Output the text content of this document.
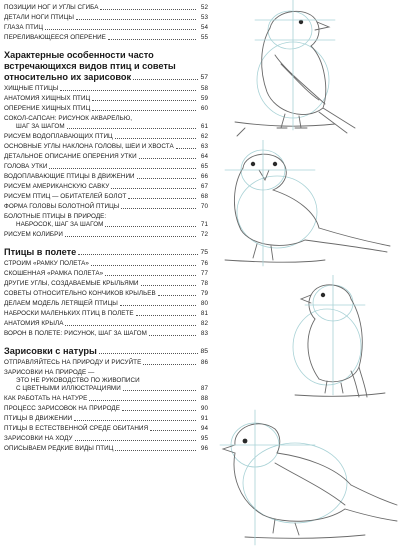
ПОЗИЦИИ НОГ И УГЛЫ СГИБА	52
ДЕТАЛИ НОГИ ПТИЦЫ	53
ГЛАЗА ПТИЦ	54
ПЕРЕЛИВАЮЩЕЕСЯ ОПЕРЕНИЕ	55
Характерные особенности часто
встречающихся видов птиц и советы
относительно их зарисовок	57
ХИЩНЫЕ ПТИЦЫ	58
АНАТОМИЯ ХИЩНЫХ ПТИЦ	59
ОПЕРЕНИЕ ХИЩНЫХ ПТИЦ	60
СОКОЛ-САПСАН: РИСУНОК АКВАРЕЛЬЮ,
ШАГ ЗА ШАГОМ	61
РИСУЕМ ВОДОПЛАВАЮЩИХ ПТИЦ	62
ОСНОВНЫЕ УГЛЫ НАКЛОНА ГОЛОВЫ, ШЕИ И ХВОСТА	63
ДЕТАЛЬНОЕ ОПИСАНИЕ ОПЕРЕНИЯ УТКИ	64
ГОЛОВА УТКИ	65
ВОДОПЛАВАЮЩИЕ ПТИЦЫ В ДВИЖЕНИИ	66
РИСУЕМ АМЕРИКАНСКУЮ САВКУ	67
РИСУЕМ ПТИЦ — ОБИТАТЕЛЕЙ БОЛОТ	68
ФОРМА ГОЛОВЫ БОЛОТНОЙ ПТИЦЫ	70
БОЛОТНЫЕ ПТИЦЫ В ПРИРОДЕ:
НАБРОСОК, ШАГ ЗА ШАГОМ	71
РИСУЕМ КОЛИБРИ	72
Птицы в полете	75
СТРОИМ «РАМКУ ПОЛЕТА»	76
СКОШЕННАЯ «РАМКА ПОЛЕТА»	77
ДРУГИЕ УГЛЫ, СОЗДАВАЕМЫЕ КРЫЛЬЯМИ	78
СОВЕТЫ ОТНОСИТЕЛЬНО КОНЧИКОВ КРЫЛЬЕВ	79
ДЕЛАЕМ МОДЕЛЬ ЛЕТЯЩЕЙ ПТИЦЫ	80
НАБРОСКИ МАЛЕНЬКИХ ПТИЦ В ПОЛЕТЕ	81
АНАТОМИЯ КРЫЛА	82
ВОРОН В ПОЛЕТЕ: РИСУНОК, ШАГ ЗА ШАГОМ	83
Зарисовки с натуры	85
ОТПРАВЛЯЙТЕСЬ НА ПРИРОДУ И РИСУЙТЕ	86
ЗАРИСОВКИ НА ПРИРОДЕ —
ЭТО НЕ РУКОВОДСТВО ПО ЖИВОПИСИ
С ЦВЕТНЫМИ ИЛЛЮСТРАЦИЯМИ	87
КАК РАБОТАТЬ НА НАТУРЕ	88
ПРОЦЕСС ЗАРИСОВОК НА ПРИРОДЕ	90
ПТИЦЫ В ДВИЖЕНИИ	91
ПТИЦЫ В ЕСТЕСТВЕННОЙ СРЕДЕ ОБИТАНИЯ	94
ЗАРИСОВКИ НА ХОДУ	95
ОПИСЫВАЕМ РЕДКИЕ ВИДЫ ПТИЦ	96
